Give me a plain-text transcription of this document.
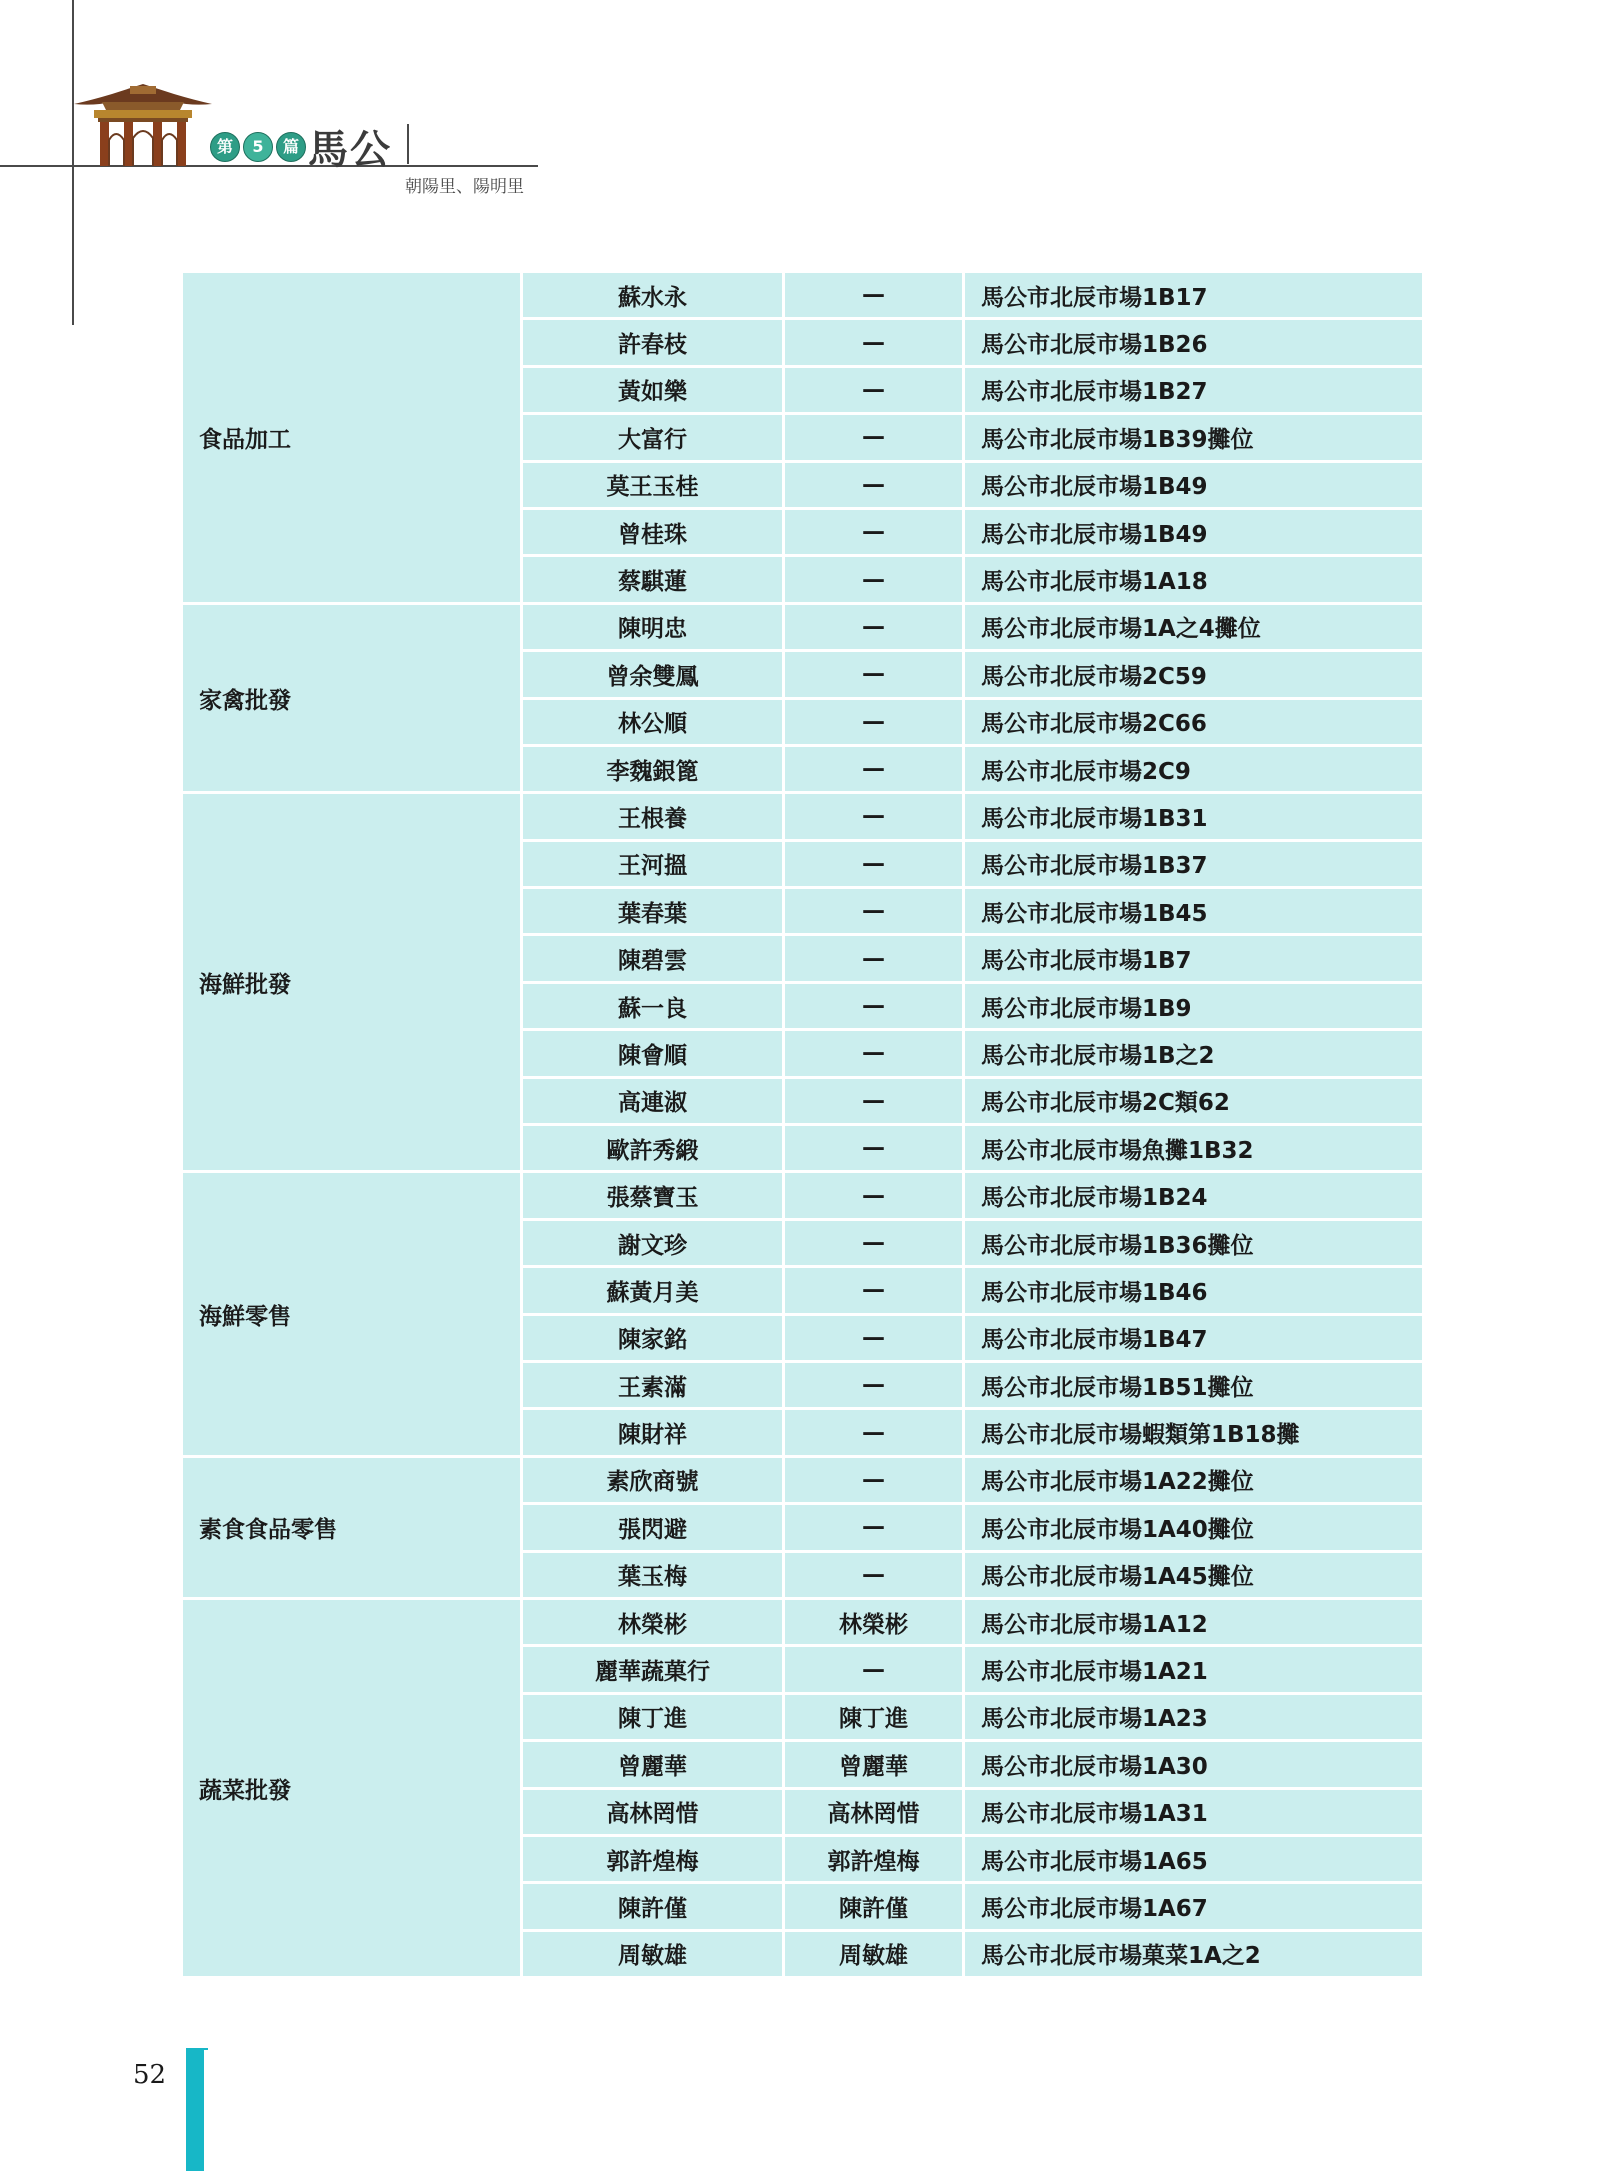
第	5	篇 馬公
朝陽里、陽明里
食品加工	蘇水永	—	馬公市北辰市場1B17
	許春枝	—	馬公市北辰市場1B26
	黃如樂	—	馬公市北辰市場1B27
	大富行	—	馬公市北辰市場1B39攤位
	莫王玉桂	—	馬公市北辰市場1B49
	曾桂珠	—	馬公市北辰市場1B49
	蔡騏蓮	—	馬公市北辰市場1A18
家禽批發	陳明忠	—	馬公市北辰市場1A之4攤位
	曾余雙鳳	—	馬公市北辰市場2C59
	林公順	—	馬公市北辰市場2C66
	李魏銀篦	—	馬公市北辰市場2C9
海鮮批發	王根養	—	馬公市北辰市場1B31
	王河搵	—	馬公市北辰市場1B37
	葉春葉	—	馬公市北辰市場1B45
	陳碧雲	—	馬公市北辰市場1B7
	蘇一良	—	馬公市北辰市場1B9
	陳會順	—	馬公市北辰市場1B之2
	高連淑	—	馬公市北辰市場2C類62
	歐許秀緞	—	馬公市北辰市場魚攤1B32
海鮮零售	張蔡寶玉	—	馬公市北辰市場1B24
	謝文珍	—	馬公市北辰市場1B36攤位
	蘇黃月美	—	馬公市北辰市場1B46
	陳家銘	—	馬公市北辰市場1B47
	王素滿	—	馬公市北辰市場1B51攤位
	陳財祥	—	馬公市北辰市場蝦類第1B18攤
素食食品零售	素欣商號	—	馬公市北辰市場1A22攤位
	張閃避	—	馬公市北辰市場1A40攤位
	葉玉梅	—	馬公市北辰市場1A45攤位
蔬菜批發	林榮彬	林榮彬	馬公市北辰市場1A12
	麗華蔬菓行	—	馬公市北辰市場1A21
	陳丁進	陳丁進	馬公市北辰市場1A23
	曾麗華	曾麗華	馬公市北辰市場1A30
	高林罔惜	高林罔惜	馬公市北辰市場1A31
	郭許煌梅	郭許煌梅	馬公市北辰市場1A65
	陳許僅	陳許僅	馬公市北辰市場1A67
	周敏雄	周敏雄	馬公市北辰市場菓菜1A之2
52
